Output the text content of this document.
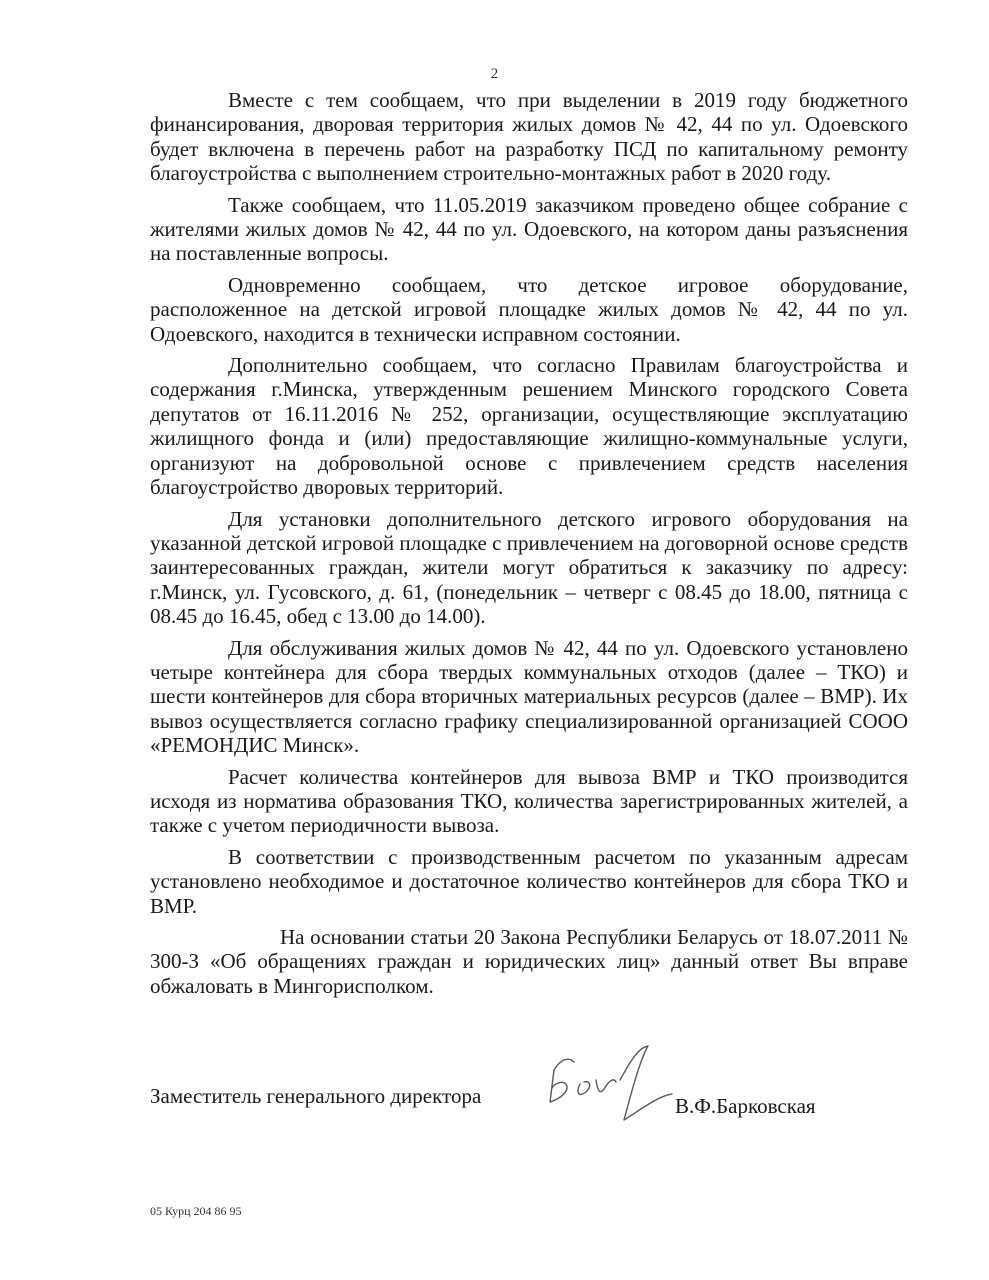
2

Вместе с тем сообщаем, что при выделении в 2019 году бюджетного финансирования, дворовая территория жилых домов № 42, 44 по ул. Одоевского будет включена в перечень работ на разработку ПСД по капитальному ремонту благоустройства с выполнением строительно-монтажных работ в 2020 году.

Также сообщаем, что 11.05.2019 заказчиком проведено общее собрание с жителями жилых домов № 42, 44 по ул. Одоевского, на котором даны разъяснения на поставленные вопросы.

Одновременно сообщаем, что детское игровое оборудование, расположенное на детской игровой площадке жилых домов № 42, 44 по ул. Одоевского, находится в технически исправном состоянии.

Дополнительно сообщаем, что согласно Правилам благоустройства и содержания г.Минска, утвержденным решением Минского городского Совета депутатов от 16.11.2016 № 252, организации, осуществляющие эксплуатацию жилищного фонда и (или) предоставляющие жилищно-коммунальные услуги, организуют на добровольной основе с привлечением средств населения благоустройство дворовых территорий.

Для установки дополнительного детского игрового оборудования на указанной детской игровой площадке с привлечением на договорной основе средств заинтересованных граждан, жители могут обратиться к заказчику по адресу: г.Минск, ул. Гусовского, д. 61, (понедельник – четверг с 08.45 до 18.00, пятница с 08.45 до 16.45, обед с 13.00 до 14.00).

Для обслуживания жилых домов № 42, 44 по ул. Одоевского установлено четыре контейнера для сбора твердых коммунальных отходов (далее – ТКО) и шести контейнеров для сбора вторичных материальных ресурсов (далее – ВМР). Их вывоз осуществляется согласно графику специализированной организацией СООО «РЕМОНДИС Минск».

Расчет количества контейнеров для вывоза ВМР и ТКО производится исходя из норматива образования ТКО, количества зарегистрированных жителей, а также с учетом периодичности вывоза.

В соответствии с производственным расчетом по указанным адресам установлено необходимое и достаточное количество контейнеров для сбора ТКО и ВМР.

На основании статьи 20 Закона Республики Беларусь от 18.07.2011 № 300-З «Об обращениях граждан и юридических лиц» данный ответ Вы вправе обжаловать в Мингорисполком.

Заместитель генерального директора	В.Ф.Барковская
05 Курц 204 86 95
